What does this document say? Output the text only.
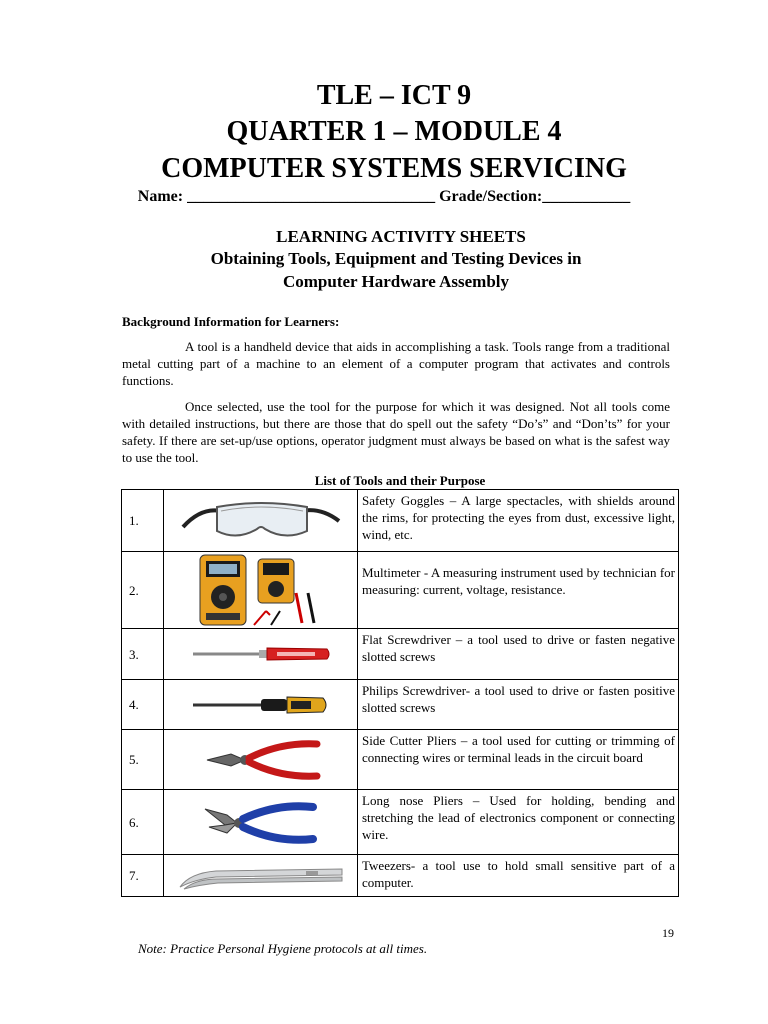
TLE – ICT 9
QUARTER 1 – MODULE 4
COMPUTER SYSTEMS SERVICING
Name: _______________________________ Grade/Section:___________
LEARNING ACTIVITY SHEETS
Obtaining Tools, Equipment and Testing Devices in
Computer Hardware Assembly
Background Information for Learners:
A tool is a handheld device that aids in accomplishing a task. Tools range from a traditional metal cutting part of a machine to an element of a computer program that activates and controls functions.
Once selected, use the tool for the purpose for which it was designed. Not all tools come with detailed instructions, but there are those that do spell out the safety “Do’s” and “Don’ts” for your safety. If there are set-up/use options, operator judgment must always be based on what is the safest way to use the tool.
List of Tools and their Purpose
1.		Safety Goggles – A large spectacles, with shields around the rims, for protecting the eyes from dust, excessive light, wind, etc.
2.		Multimeter - A measuring instrument used by technician for measuring: current, voltage, resistance.
3.		Flat Screwdriver – a tool used to drive or fasten negative slotted screws
4.		Philips Screwdriver- a tool used to drive or fasten positive slotted screws
5.		Side Cutter Pliers – a tool used for cutting or trimming of connecting wires or terminal leads in the circuit board
6.		Long nose Pliers – Used for holding, bending and stretching the lead of electronics component or connecting wire.
7.		Tweezers- a tool use to hold small sensitive part of a computer.
19
Note: Practice Personal Hygiene protocols at all times.
